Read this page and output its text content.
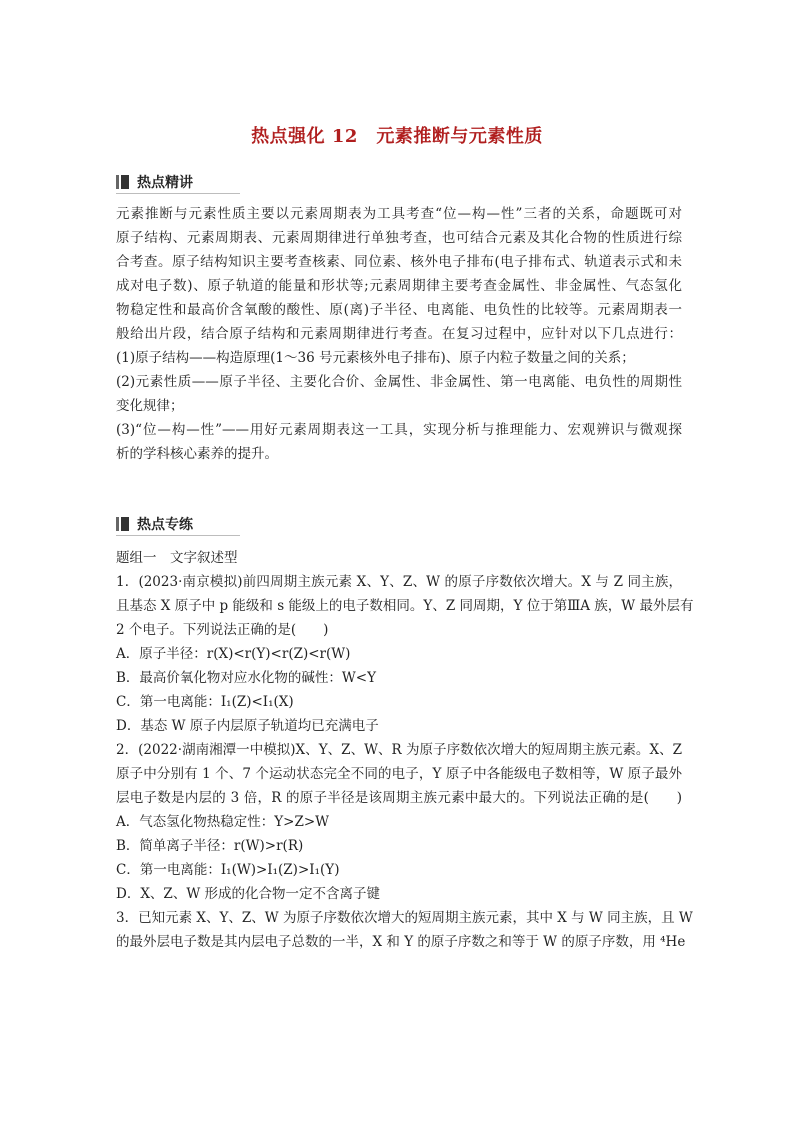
热点强化 12　元素推断与元素性质
热点精讲
元素推断与元素性质主要以元素周期表为工具考查“位—构—性”三者的关系，命题既可对
原子结构、元素周期表、元素周期律进行单独考查，也可结合元素及其化合物的性质进行综
合考查。原子结构知识主要考查核素、同位素、核外电子排布(电子排布式、轨道表示式和未
成对电子数)、原子轨道的能量和形状等;元素周期律主要考查金属性、非金属性、气态氢化
物稳定性和最高价含氧酸的酸性、原(离)子半径、电离能、电负性的比较等。元素周期表一
般给出片段，结合原子结构和元素周期律进行考查。在复习过程中，应针对以下几点进行：
(1)原子结构——构造原理(1～36 号元素核外电子排布)、原子内粒子数量之间的关系；
(2)元素性质——原子半径、主要化合价、金属性、非金属性、第一电离能、电负性的周期性
变化规律；
(3)“位—构—性”——用好元素周期表这一工具，实现分析与推理能力、宏观辨识与微观探
析的学科核心素养的提升。
热点专练
题组一　文字叙述型
1．(2023·南京模拟)前四周期主族元素 X、Y、Z、W 的原子序数依次增大。X 与 Z 同主族，
且基态 X 原子中 p 能级和 s 能级上的电子数相同。Y、Z 同周期，Y 位于第ⅢA 族，W 最外层有
2 个电子。下列说法正确的是(　　)
A．原子半径：r(X)<r(Y)<r(Z)<r(W)
B．最高价氧化物对应水化物的碱性：W<Y
C．第一电离能：I₁(Z)<I₁(X)
D．基态 W 原子内层原子轨道均已充满电子
2．(2022·湖南湘潭一中模拟)X、Y、Z、W、R 为原子序数依次增大的短周期主族元素。X、Z
原子中分别有 1 个、7 个运动状态完全不同的电子，Y 原子中各能级电子数相等，W 原子最外
层电子数是内层的 3 倍，R 的原子半径是该周期主族元素中最大的。下列说法正确的是(　　)
A．气态氢化物热稳定性：Y>Z>W
B．简单离子半径：r(W)>r(R)
C．第一电离能：I₁(W)>I₁(Z)>I₁(Y)
D．X、Z、W 形成的化合物一定不含离子键
3．已知元素 X、Y、Z、W 为原子序数依次增大的短周期主族元素，其中 X 与 W 同主族，且 W
的最外层电子数是其内层电子总数的一半，X 和 Y 的原子序数之和等于 W 的原子序数，用 ⁴He
